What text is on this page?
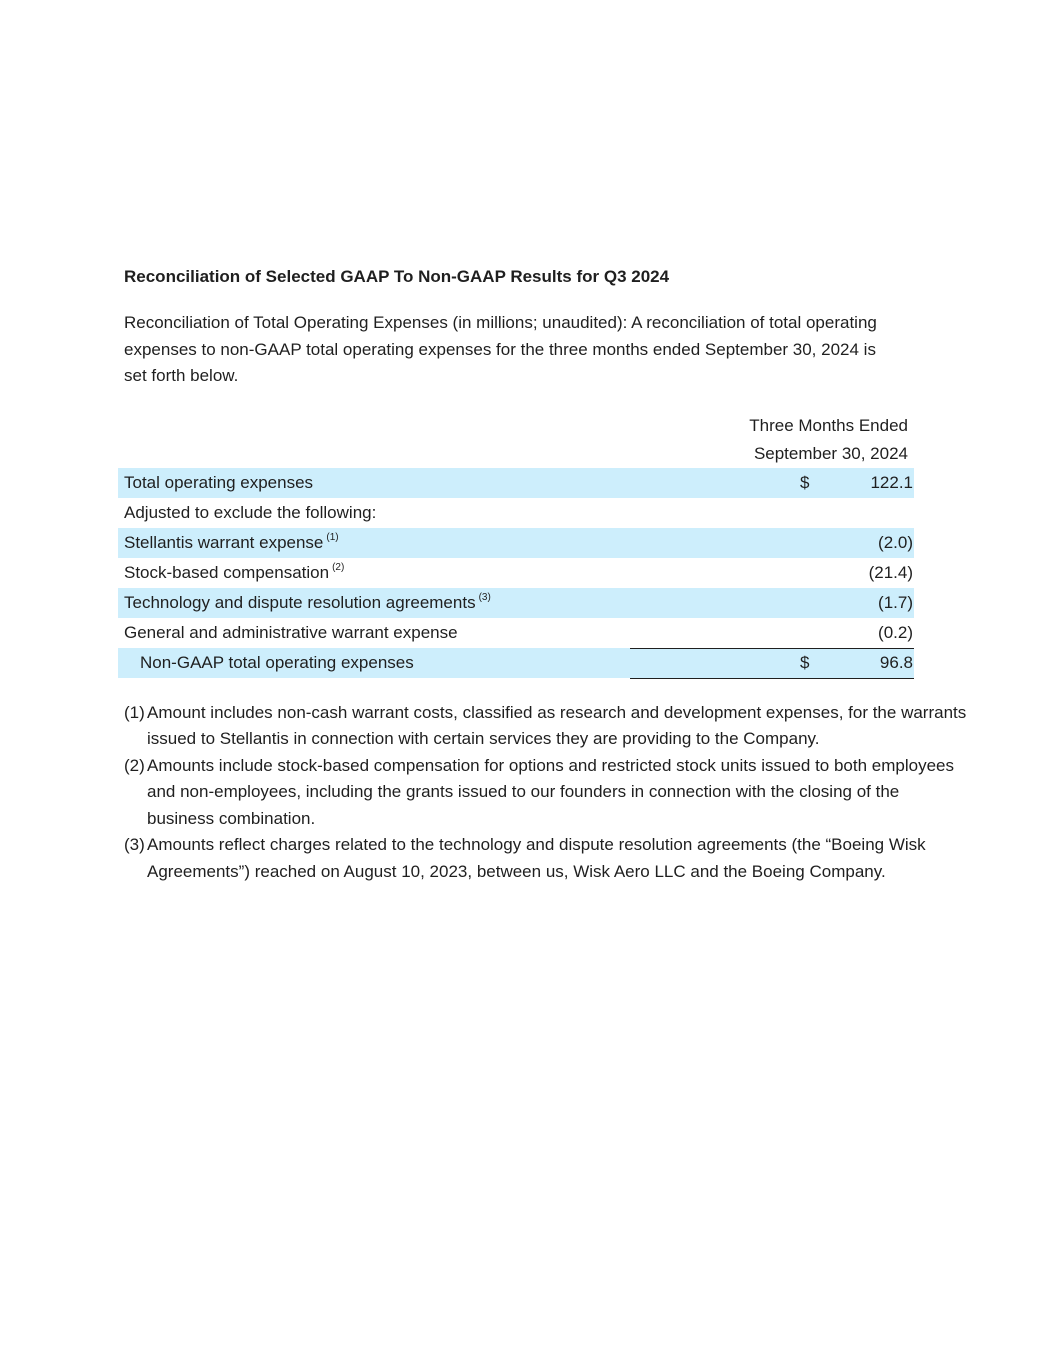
Reconciliation of Selected GAAP To Non-GAAP Results for Q3 2024

Reconciliation of Total Operating Expenses (in millions; unaudited): A reconciliation of total operating expenses to non-GAAP total operating expenses for the three months ended September 30, 2024 is set forth below.

Three Months Ended
September 30, 2024
Total operating expenses	$	122.1
Adjusted to exclude the following:
Stellantis warrant expense $^{(1)}$	(2.0)
Stock-based compensation $^{(2)}$	(21.4)
Technology and dispute resolution agreements $^{(3)}$	(1.7)
General and administrative warrant expense	(0.2)
Non-GAAP total operating expenses	$	96.8
(1) Amount includes non-cash warrant costs, classified as research and development expenses, for the warrants issued to Stellantis in connection with certain services they are providing to the Company.
(2) Amounts include stock-based compensation for options and restricted stock units issued to both employees and non-employees, including the grants issued to our founders in connection with the closing of the business combination.
(3) Amounts reflect charges related to the technology and dispute resolution agreements (the “Boeing Wisk Agreements”) reached on August 10, 2023, between us, Wisk Aero LLC and the Boeing Company.
